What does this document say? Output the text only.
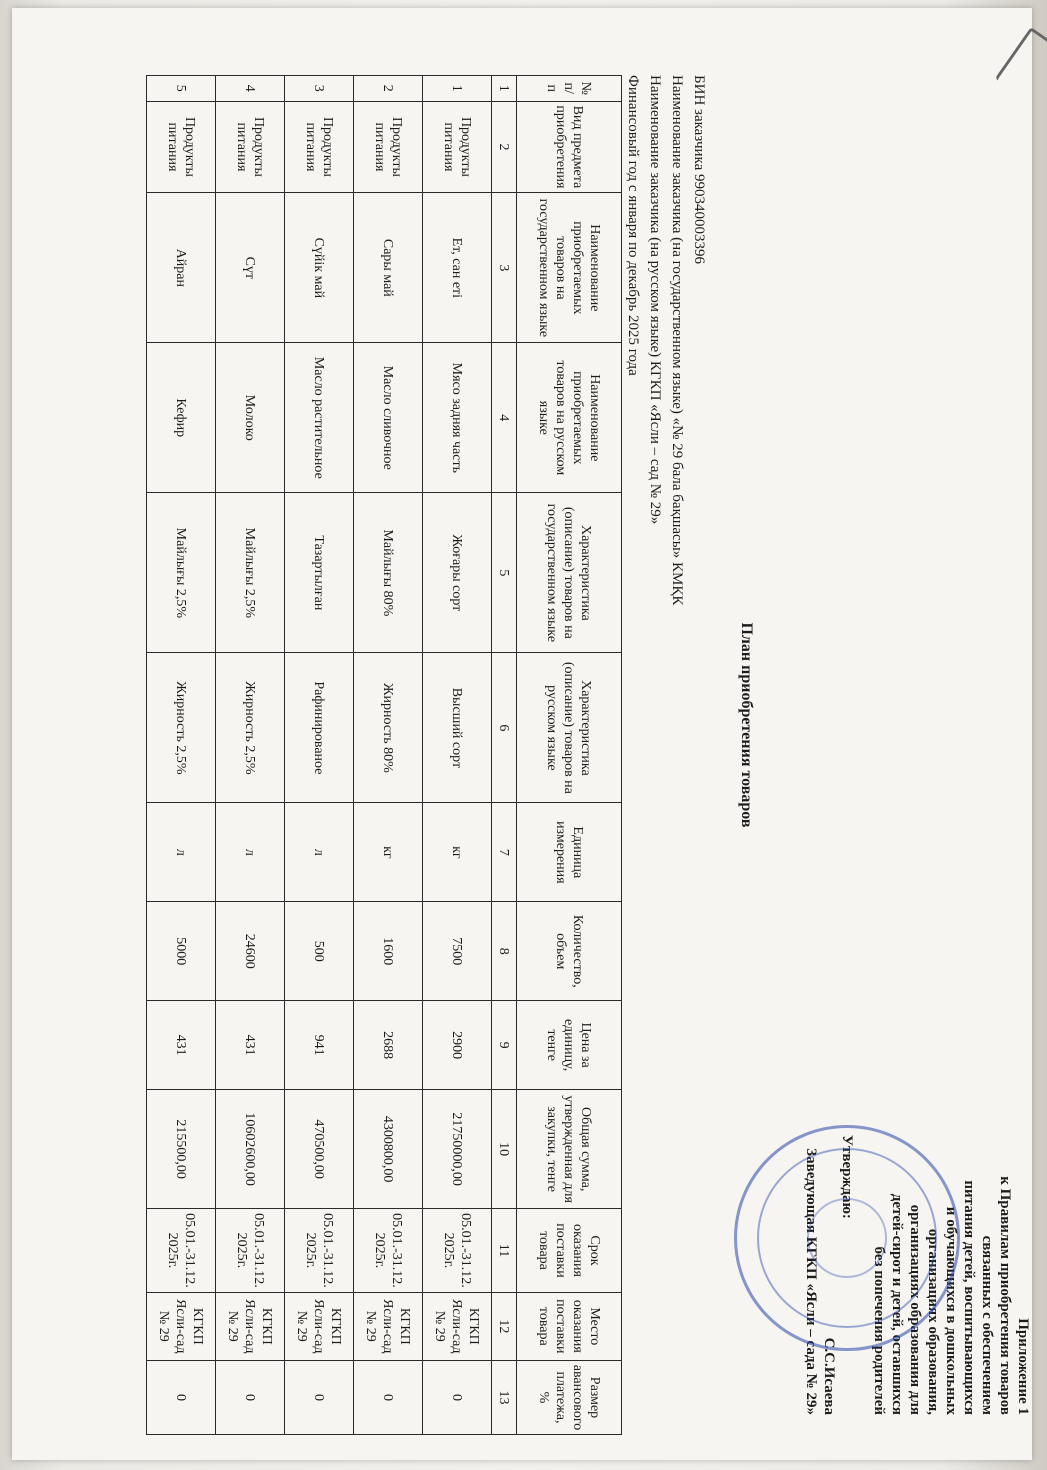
Приложение 1
к Правилам приобретения товаров
связанных с обеспечением
питания детей, воспитывающихся
и обучающихся в дошкольных
организациях образования,
организациях образования для
детей-сирот и детей, оставшихся
без попечения родителей
Утверждаю:
С.С.Исаева
Заведующая КГКП «Ясли – сада № 29»
План приобретения товаров
БИН заказчика 990340003396
Наименование заказчика (на государственном языке) «№ 29 бала бақшасы» КМҚК
Наименование заказчика (на русском языке) КГКП «Ясли – сад № 29»
Финансовый год с января по декабрь 2025 года
№ п/п	Вид предмета приобретения	Наименование приобретаемых товаров на государственном языке	Наименование приобретаемых товаров на русском языке	Характеристика (описание) товаров на государственном языке	Характеристика (описание) товаров на русском языке	Единица измерения	Количество, объем	Цена за единицу, тенге	Общая сумма, утвержденная для закупки, тенге	Срок оказания поставки товара	Место оказания поставки товара	Размер авансового платежа, %
1	2	3	4	5	6	7	8	9	10	11	12	13
1	Продукты питания	Ет, сан еті	Мясо задняя часть	Жоғары сорт	Высший сорт	кг	7500	2900	21750000,00	05.01.-31.12. 2025г.	КГКП Ясли-сад № 29	0
2	Продукты питания	Сары май	Масло сливочное	Майлығы 80%	Жирность 80%	кг	1600	2688	4300800,00	05.01.-31.12. 2025г.	КГКП Ясли-сад № 29	0
3	Продукты питания	Сүйік май	Масло растительное	Тазартылған	Рафинированое	л	500	941	470500,00	05.01.-31.12. 2025г.	КГКП Ясли-сад № 29	0
4	Продукты питания	Сүт	Молоко	Майлығы 2,5%	Жирность 2,5%	л	24600	431	10602600,00	05.01.-31.12. 2025г.	КГКП Ясли-сад № 29	0
5	Продукты питания	Айран	Кефир	Майлығы 2,5%	Жирность 2,5%	л	5000	431	215500,00	05.01.-31.12. 2025г.	КГКП Ясли-сад № 29	0
